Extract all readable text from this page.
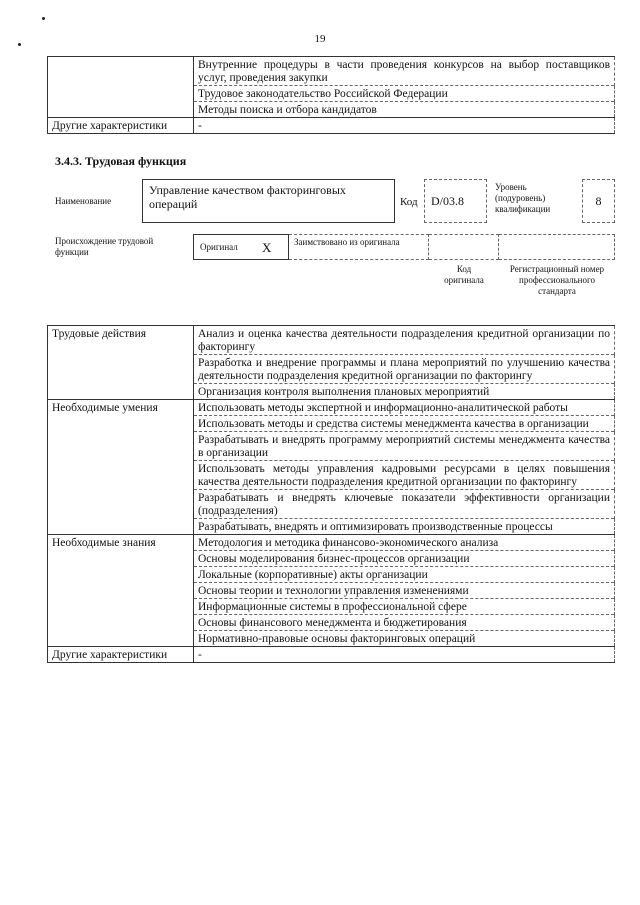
19
	Внутренние процедуры в части проведения конкурсов на выбор поставщиков услуг, проведения закупки
	Трудовое законодательство Российской Федерации
	Методы поиска и отбора кандидатов
Другие характеристики	-
3.4.3. Трудовая функция
Наименование
Управление качеством факторинговых операций	Код	D/03.8
Уровень (подуровень) квалификации
8
Происхождение трудовой функции	Оригинал X	Заимствовано из оригинала
Код оригинала
Регистрационный номер профессионального стандарта
Трудовые действия	Анализ и оценка качества деятельности подразделения кредитной организации по факторингу
	Разработка и внедрение программы и плана мероприятий по улучшению качества деятельности подразделения кредитной организации по факторингу
	Организация контроля выполнения плановых мероприятий
Необходимые умения	Использовать методы экспертной и информационно-аналитической работы
	Использовать методы и средства системы менеджмента качества в организации
	Разрабатывать и внедрять программу мероприятий системы менеджмента качества в организации
	Использовать методы управления кадровыми ресурсами в целях повышения качества деятельности подразделения кредитной организации по факторингу
	Разрабатывать и внедрять ключевые показатели эффективности организации (подразделения)
	Разрабатывать, внедрять и оптимизировать производственные процессы
Необходимые знания	Методология и методика финансово-экономического анализа
	Основы моделирования бизнес-процессов организации
	Локальные (корпоративные) акты организации
	Основы теории и технологии управления изменениями
	Информационные системы в профессиональной сфере
	Основы финансового менеджмента и бюджетирования
	Нормативно-правовые основы факторинговых операций
Другие характеристики	-
